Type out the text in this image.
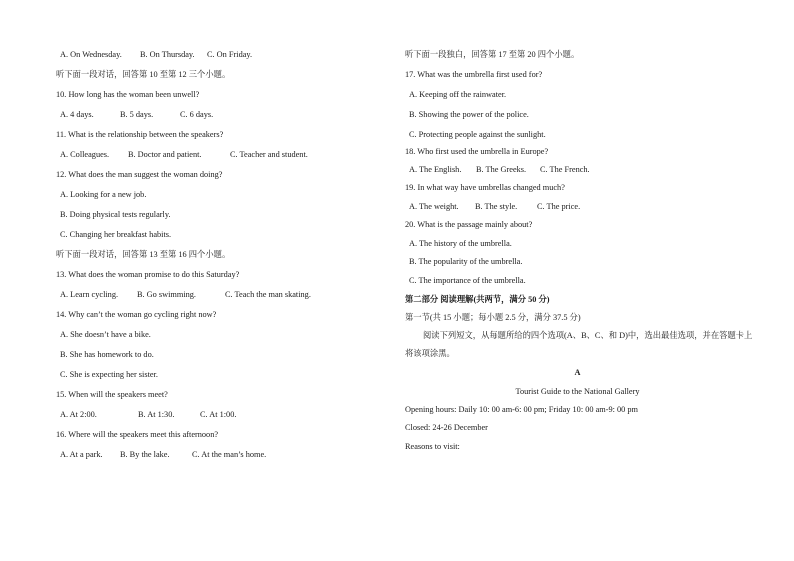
A. On Wednesday. B. On Thursday. C. On Friday.
听下面一段对话，回答第 10 至第 12 三个小题。
10. How long has the woman been unwell?
A. 4 days.	B. 5 days.	C. 6 days.
11. What is the relationship between the speakers?
A. Colleagues. B. Doctor and patient.	C. Teacher and student.
12. What does the man suggest the woman doing?
A. Looking for a new job.
B. Doing physical tests regularly.
C. Changing her breakfast habits.
听下面一段对话，回答第 13 至第 16 四个小题。
13. What does the woman promise to do this Saturday?
A. Learn cycling. B. Go swimming.	C. Teach the man skating.
14. Why can’t the woman go cycling right now?
A. She doesn’t have a bike.
B. She has homework to do.
C. She is expecting her sister.
15. When will the speakers meet?
A. At 2:00.	B. At 1:30.	C. At 1:00.
16. Where will the speakers meet this afternoon?
A. At a park. B. By the lake.	C. At the man’s home.
听下面一段独白，回答第 17 至第 20 四个小题。
17. What was the umbrella first used for?
A. Keeping off the rainwater.
B. Showing the power of the police.
C. Protecting people against the sunlight.
18. Who first used the umbrella in Europe?
A. The English. B. The Greeks. C. The French.
19. In what way have umbrellas changed much?
A. The weight. B. The style. C. The price.
20. What is the passage mainly about?
A. The history of the umbrella.
B. The popularity of the umbrella.
C. The importance of the umbrella.
第二部分 阅读理解(共两节，满分 50 分)
第一节(共 15 小题；每小题 2.5 分，满分 37.5 分)
阅读下列短文，从每题所给的四个选项(A、B、C、和 D)中，选出最佳选项，并在答题卡上
将该项涂黑。
A
Tourist Guide to the National Gallery
Opening hours: Daily 10: 00 am-6: 00 pm; Friday 10: 00 am-9: 00 pm
Closed: 24-26 December
Reasons to visit:
